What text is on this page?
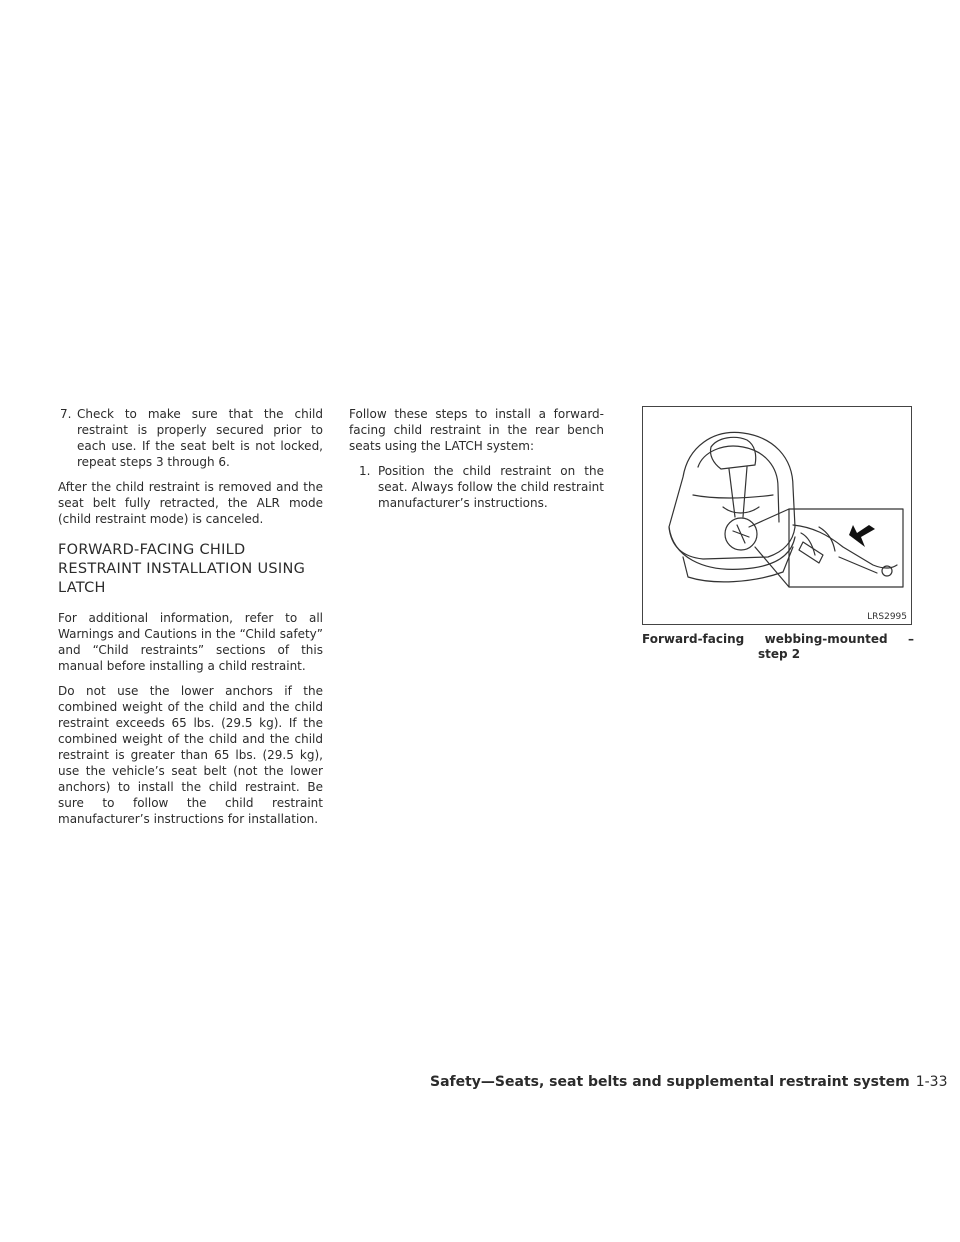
7. Check to make sure that the child restraint is properly secured prior to each use. If the seat belt is not locked, repeat steps 3 through 6.

After the child restraint is removed and the seat belt fully retracted, the ALR mode (child restraint mode) is canceled.

FORWARD-FACING CHILD RESTRAINT INSTALLATION USING LATCH

For additional information, refer to all Warnings and Cautions in the “Child safety” and “Child restraints” sections of this manual before installing a child restraint.

Do not use the lower anchors if the combined weight of the child and the child restraint exceeds 65 lbs. (29.5 kg). If the combined weight of the child and the child restraint is greater than 65 lbs. (29.5 kg), use the vehicle’s seat belt (not the lower anchors) to install the child restraint. Be sure to follow the child restraint manufacturer’s instructions for installation.

Follow these steps to install a forward-facing child restraint in the rear bench seats using the LATCH system:

1. Position the child restraint on the seat. Always follow the child restraint manufacturer’s instructions.
LRS2995
Forward-facing webbing-mounted –
step 2
Safety—Seats, seat belts and supplemental restraint system 1-33
